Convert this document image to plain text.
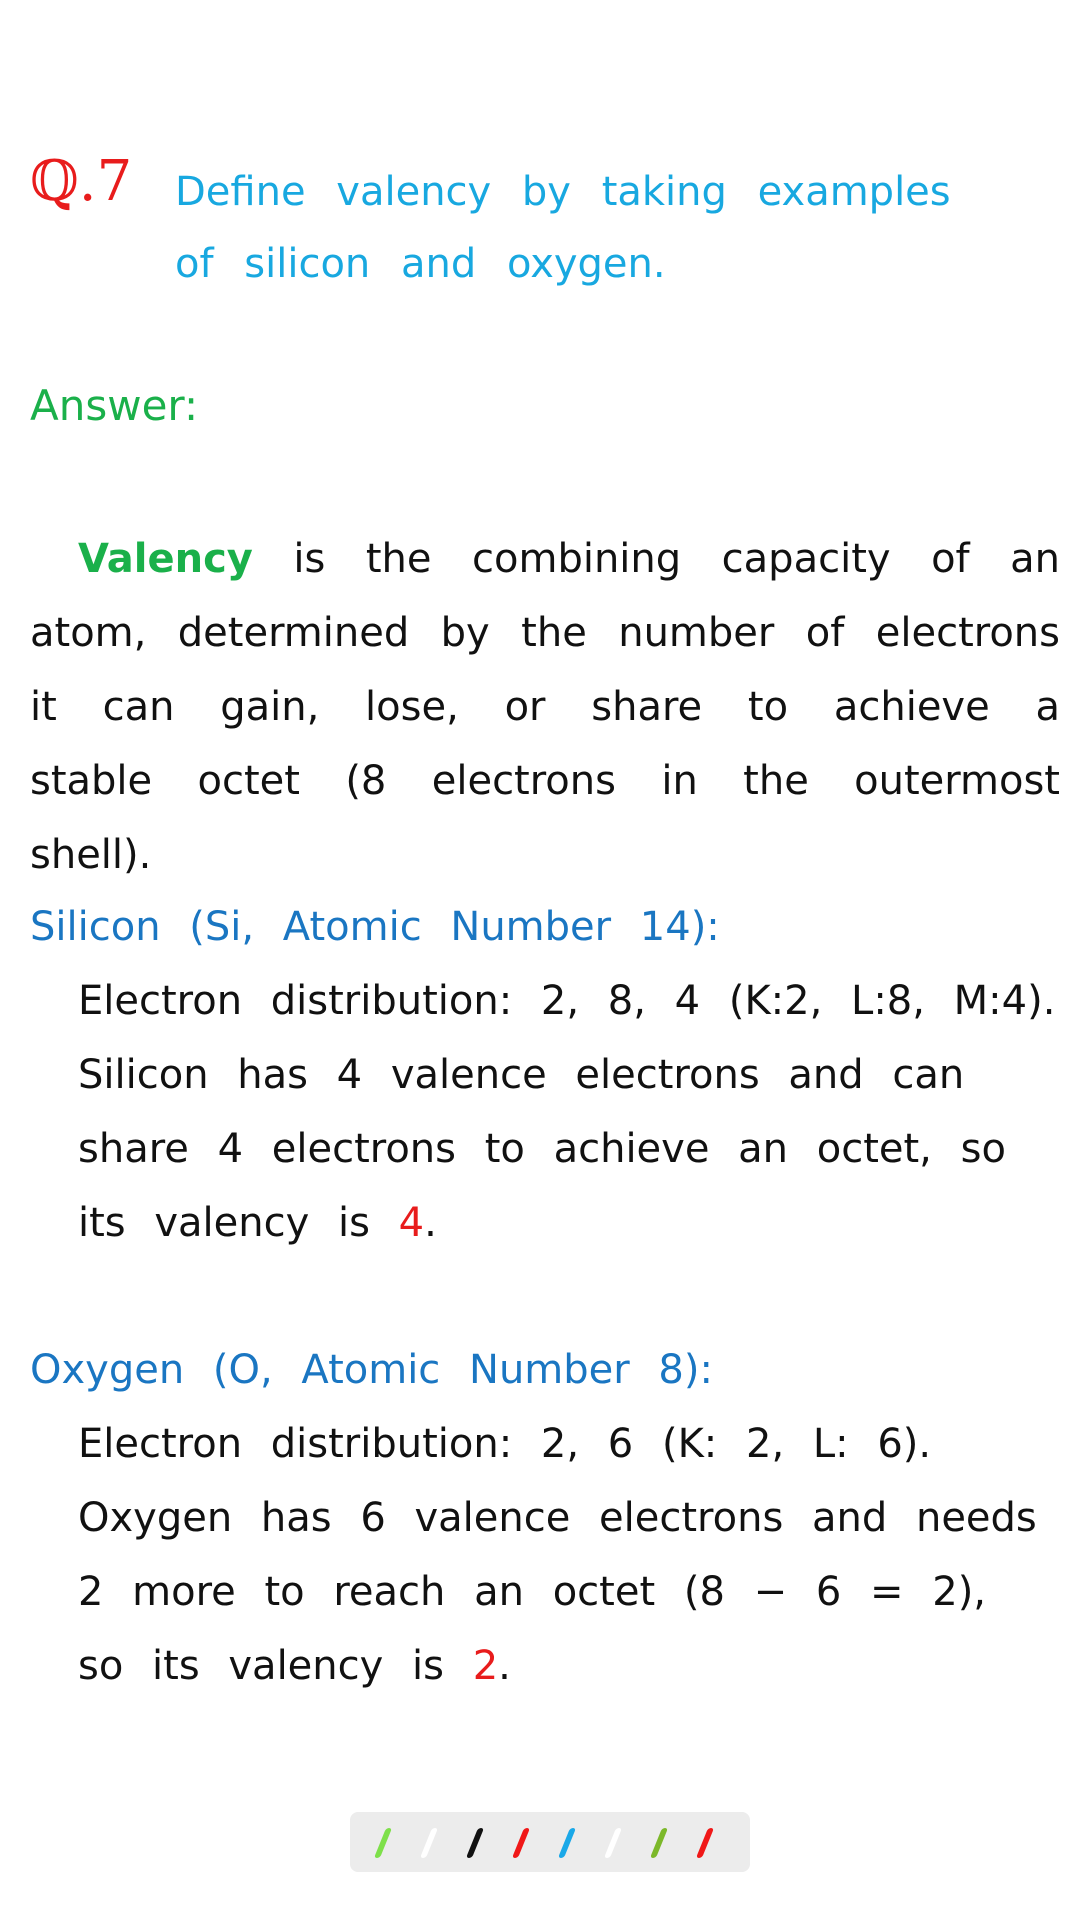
ℚ.7 Define valency by taking examples of silicon and oxygen.
Answer:
Valency is the combining capacity of an atom, determined by the number of electrons it can gain, lose, or share to achieve a stable octet (8 electrons in the outermost shell).
Silicon (Si, Atomic Number 14):

Electron distribution: 2, 8, 4 (K:2, L:8, M:4).

Silicon has 4 valence electrons and can share 4 electrons to achieve an octet, so its valency is 4.

Oxygen (O, Atomic Number 8):

Electron distribution: 2, 6 (K: 2, L: 6).

Oxygen has 6 valence electrons and needs 2 more to reach an octet (8 − 6 = 2), so its valency is 2.
